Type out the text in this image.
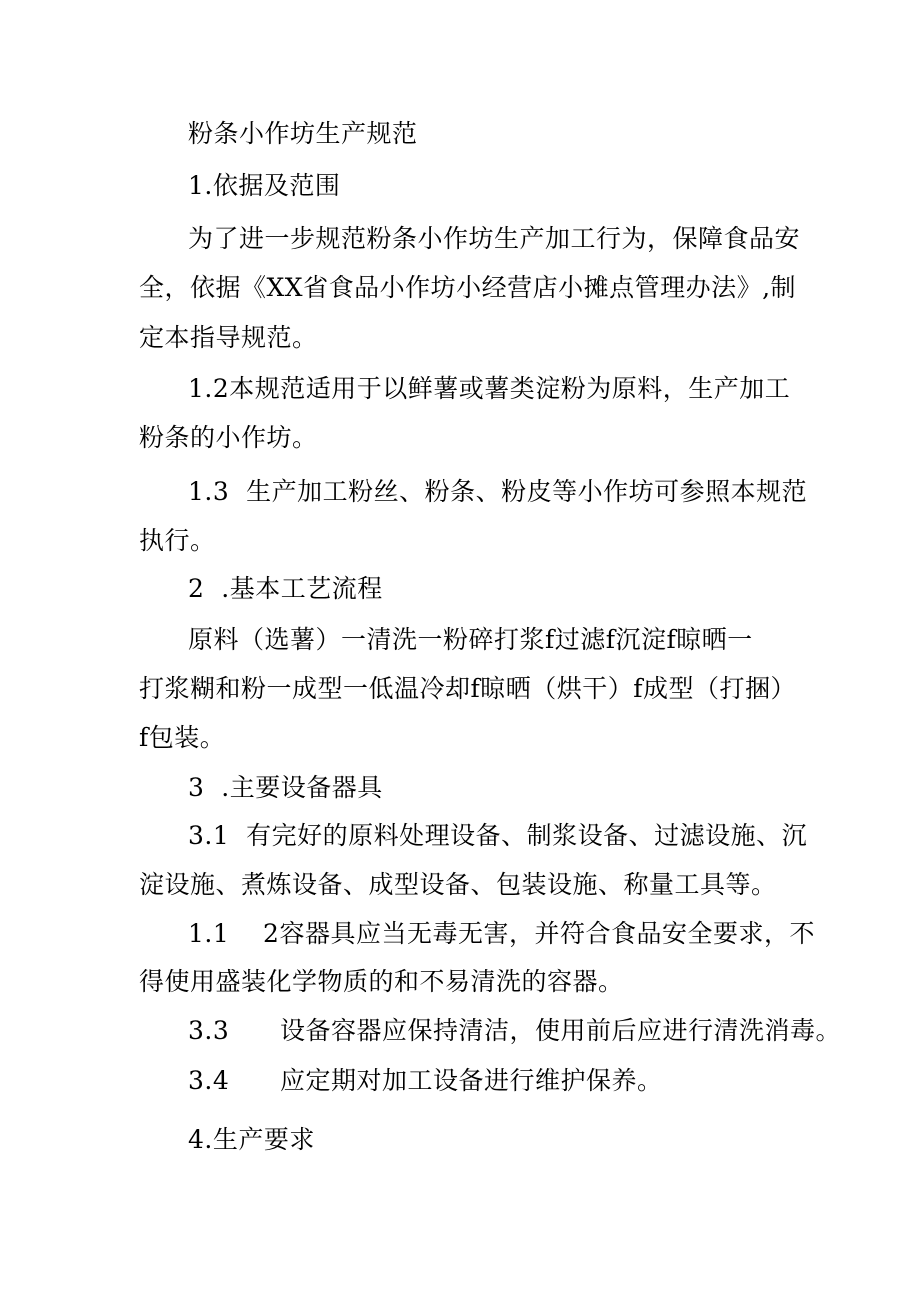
粉条小作坊生产规范
1.依据及范围
为了进一步规范粉条小作坊生产加工行为，保障食品安
全，依据《XX省食品小作坊小经营店小摊点管理办法》,制
定本指导规范。
1.2本规范适用于以鲜薯或薯类淀粉为原料，生产加工
粉条的小作坊。
1.3  生产加工粉丝、粉条、粉皮等小作坊可参照本规范
执行。
2  .基本工艺流程
原料（选薯）一清洗一粉碎打浆f过滤f沉淀f晾晒一
打浆糊和粉一成型一低温冷却f晾晒（烘干）f成型（打捆）
f包装。
3  .主要设备器具
3.1  有完好的原料处理设备、制浆设备、过滤设施、沉
淀设施、煮炼设备、成型设备、包装设施、称量工具等。
1.1    2容器具应当无毒无害，并符合食品安全要求，不
得使用盛装化学物质的和不易清洗的容器。
3.3      设备容器应保持清洁，使用前后应进行清洗消毒。
3.4      应定期对加工设备进行维护保养。
4.生产要求
